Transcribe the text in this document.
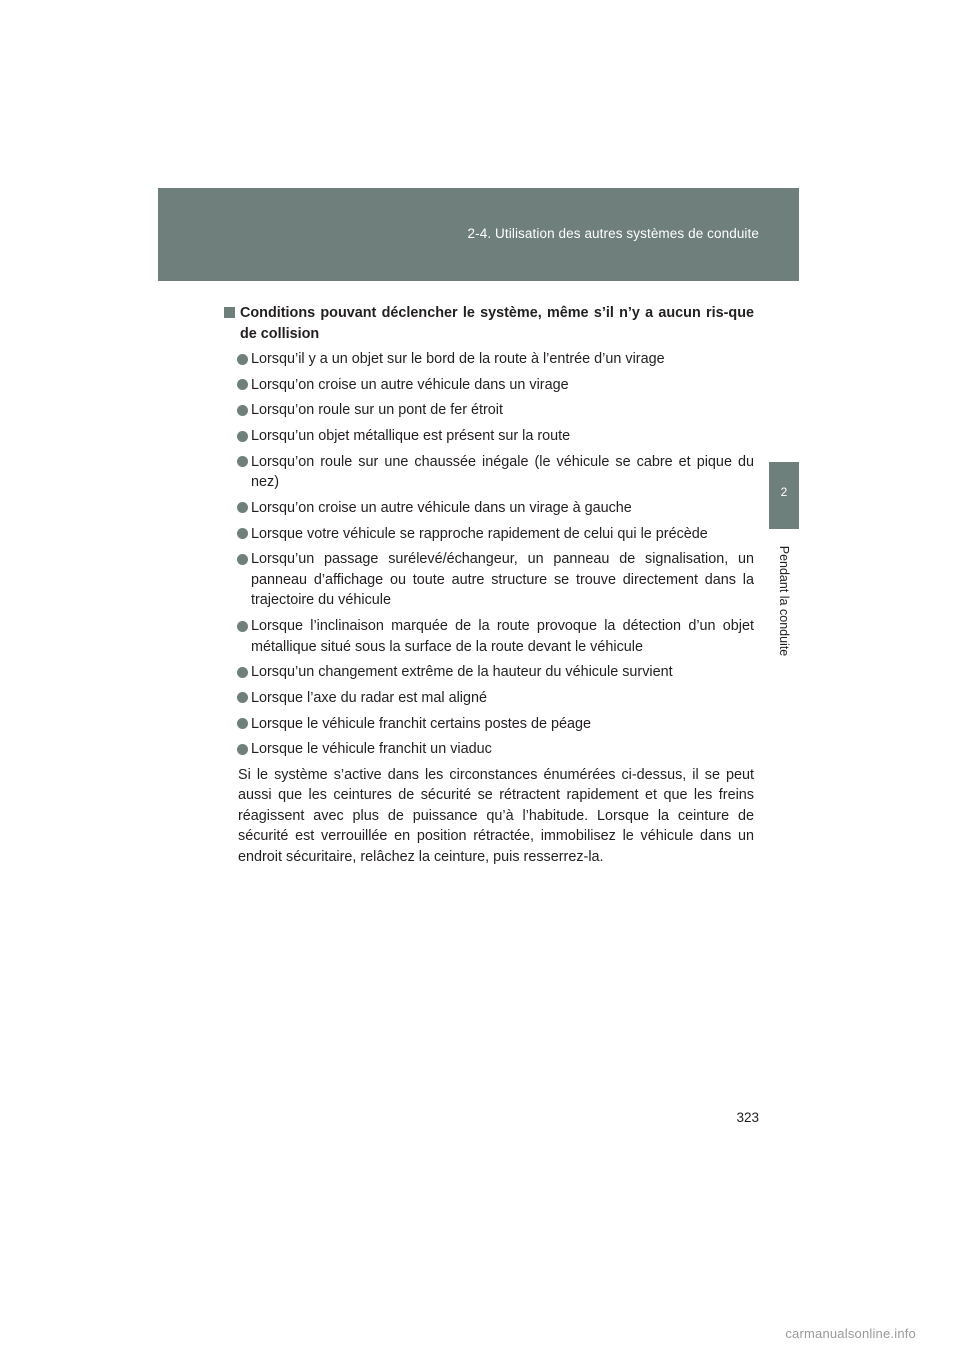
2-4. Utilisation des autres systèmes de conduite
2
Pendant la conduite
Conditions pouvant déclencher le système, même s’il n’y a aucun ris-que de collision
Lorsqu’il y a un objet sur le bord de la route à l’entrée d’un virage
Lorsqu’on croise un autre véhicule dans un virage
Lorsqu’on roule sur un pont de fer étroit
Lorsqu’un objet métallique est présent sur la route
Lorsqu’on roule sur une chaussée inégale (le véhicule se cabre et pique du nez)
Lorsqu’on croise un autre véhicule dans un virage à gauche
Lorsque votre véhicule se rapproche rapidement de celui qui le précède
Lorsqu’un passage surélevé/échangeur, un panneau de signalisation, un panneau d’affichage ou toute autre structure se trouve directement dans la trajectoire du véhicule
Lorsque l’inclinaison marquée de la route provoque la détection d’un objet métallique situé sous la surface de la route devant le véhicule
Lorsqu’un changement extrême de la hauteur du véhicule survient
Lorsque l’axe du radar est mal aligné
Lorsque le véhicule franchit certains postes de péage
Lorsque le véhicule franchit un viaduc

Si le système s’active dans les circonstances énumérées ci-dessus, il se peut aussi que les ceintures de sécurité se rétractent rapidement et que les freins réagissent avec plus de puissance qu’à l’habitude. Lorsque la ceinture de sécurité est verrouillée en position rétractée, immobilisez le véhicule dans un endroit sécuritaire, relâchez la ceinture, puis resserrez-la.

323
carmanualsonline.info
